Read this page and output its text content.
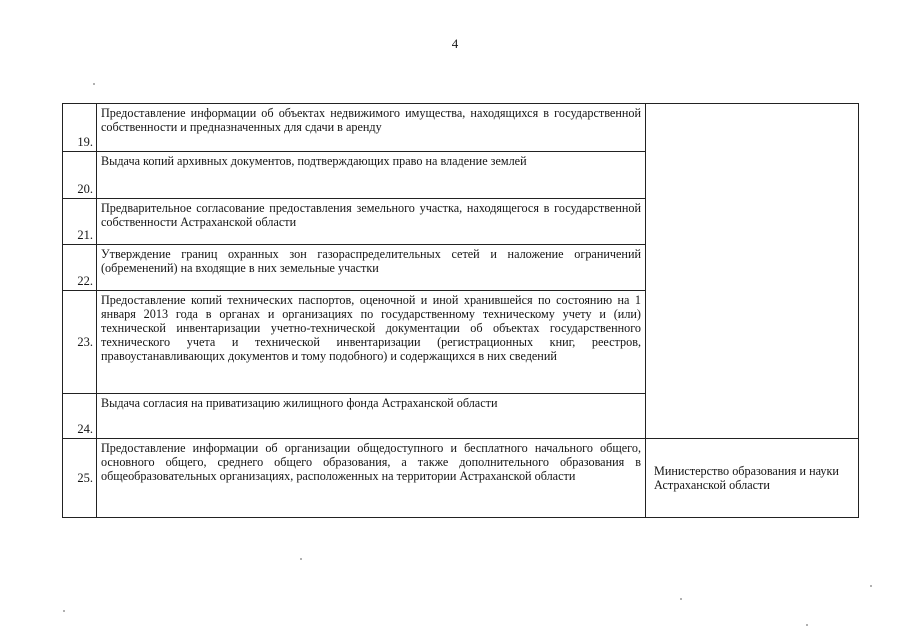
4
19.	Предоставление информации об объектах недвижимого имущества, находящихся в государственной собственности и предназначенных для сдачи в аренду	
20.	Выдача копий архивных документов, подтверждающих право на владение землей	
21.	Предварительное согласование предоставления земельного участка, находящегося в государственной собственности Астраханской области	
22.	Утверждение границ охранных зон газораспределительных сетей и наложение ограничений (обременений) на входящие в них земельные участки	
23.	Предоставление копий технических паспортов, оценочной и иной хранившейся по состоянию на 1 января 2013 года в органах и организациях по государственному техническому учету и (или) технической инвентаризации учетно-технической документации об объектах государственного технического учета и технической инвентаризации (регистрационных книг, реестров, правоустанавливающих документов и тому подобного) и содержащихся в них сведений	
24.	Выдача согласия на приватизацию жилищного фонда Астраханской области	
25.	Предоставление информации об организации общедоступного и бесплатного начального общего, основного общего, среднего общего образования, а также дополнительного образования в общеобразовательных организациях, расположенных на территории Астраханской области	Министерство образования и науки Астраханской области
